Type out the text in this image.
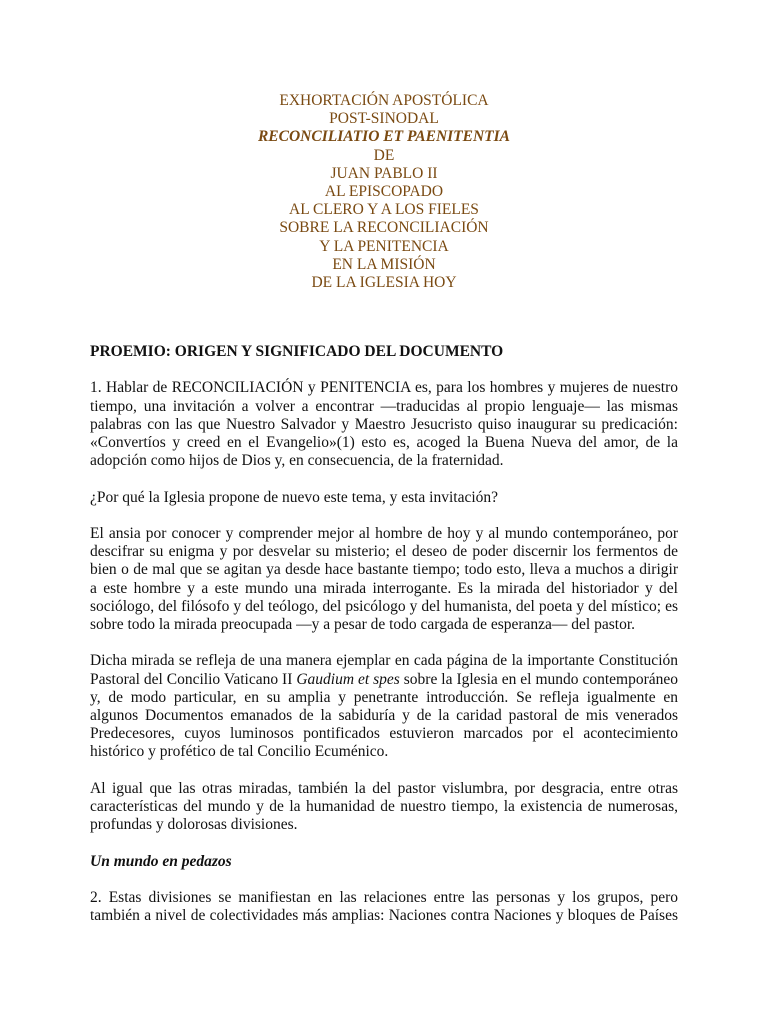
EXHORTACIÓN APOSTÓLICA
POST-SINODAL
RECONCILIATIO ET PAENITENTIA
DE
JUAN PABLO II
AL EPISCOPADO
AL CLERO Y A LOS FIELES
SOBRE LA RECONCILIACIÓN
Y LA PENITENCIA
EN LA MISIÓN
DE LA IGLESIA HOY
PROEMIO: ORIGEN Y SIGNIFICADO DEL DOCUMENTO

1. Hablar de RECONCILIACIÓN y PENITENCIA es, para los hombres y mujeres de nuestro tiempo, una invitación a volver a encontrar —traducidas al propio lenguaje— las mismas palabras con las que Nuestro Salvador y Maestro Jesucristo quiso inaugurar su predicación: «Convertíos y creed en el Evangelio»(1) esto es, acoged la Buena Nueva del amor, de la adopción como hijos de Dios y, en consecuencia, de la fraternidad.

¿Por qué la Iglesia propone de nuevo este tema, y esta invitación?

El ansia por conocer y comprender mejor al hombre de hoy y al mundo contemporáneo, por descifrar su enigma y por desvelar su misterio; el deseo de poder discernir los fermentos de bien o de mal que se agitan ya desde hace bastante tiempo; todo esto, lleva a muchos a dirigir a este hombre y a este mundo una mirada interrogante. Es la mirada del historiador y del sociólogo, del filósofo y del teólogo, del psicólogo y del humanista, del poeta y del místico; es sobre todo la mirada preocupada —y a pesar de todo cargada de esperanza— del pastor.

Dicha mirada se refleja de una manera ejemplar en cada página de la importante Constitución Pastoral del Concilio Vaticano II Gaudium et spes sobre la Iglesia en el mundo contemporáneo y, de modo particular, en su amplia y penetrante introducción. Se refleja igualmente en algunos Documentos emanados de la sabiduría y de la caridad pastoral de mis venerados Predecesores, cuyos luminosos pontificados estuvieron marcados por el acontecimiento histórico y profético de tal Concilio Ecuménico.

Al igual que las otras miradas, también la del pastor vislumbra, por desgracia, entre otras características del mundo y de la humanidad de nuestro tiempo, la existencia de numerosas, profundas y dolorosas divisiones.

Un mundo en pedazos

2. Estas divisiones se manifiestan en las relaciones entre las personas y los grupos, pero también a nivel de colectividades más amplias: Naciones contra Naciones y bloques de Países
